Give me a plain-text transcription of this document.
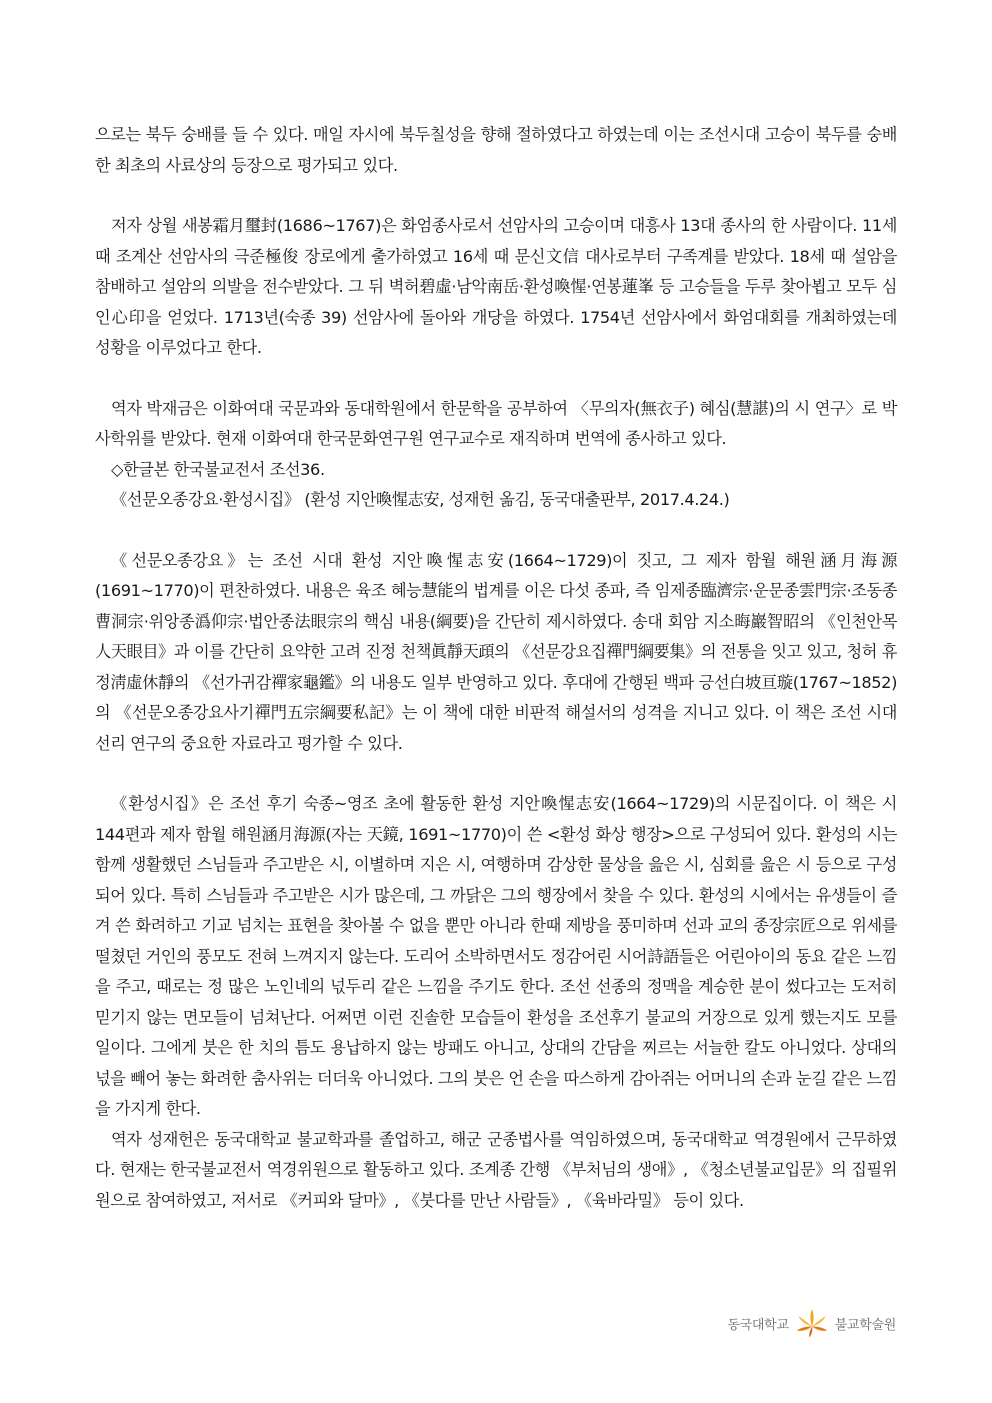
으로는 북두 숭배를 들 수 있다. 매일 자시에 북두칠성을 향해 절하였다고 하였는데 이는 조선시대 고승이 북두를 숭배한 최초의 사료상의 등장으로 평가되고 있다.

저자 상월 새봉霜月璽封(1686~1767)은 화엄종사로서 선암사의 고승이며 대흥사 13대 종사의 한 사람이다. 11세 때 조계산 선암사의 극준極俊 장로에게 출가하였고 16세 때 문신文信 대사로부터 구족계를 받았다. 18세 때 설암을 참배하고 설암의 의발을 전수받았다. 그 뒤 벽허碧虛·남악南岳·환성喚惺·연봉蓮峯 등 고승들을 두루 찾아뵙고 모두 심인心印을 얻었다. 1713년(숙종 39) 선암사에 돌아와 개당을 하였다. 1754년 선암사에서 화엄대회를 개최하였는데 성황을 이루었다고 한다.

역자 박재금은 이화여대 국문과와 동대학원에서 한문학을 공부하여 〈무의자(無衣子) 혜심(慧諶)의 시 연구〉로 박사학위를 받았다. 현재 이화여대 한국문화연구원 연구교수로 재직하며 번역에 종사하고 있다.

◇한글본 한국불교전서 조선36.

《선문오종강요·환성시집》 (환성 지안喚惺志安, 성재헌 옮김, 동국대출판부, 2017.4.24.)

《선문오종강요》는 조선 시대 환성 지안喚惺志安(1664~1729)이 짓고, 그 제자 함월 해원涵月海源(1691~1770)이 편찬하였다. 내용은 육조 혜능慧能의 법계를 이은 다섯 종파, 즉 임제종臨濟宗·운문종雲門宗·조동종曹洞宗·위앙종潙仰宗·법안종法眼宗의 핵심 내용(綱要)을 간단히 제시하였다. 송대 회암 지소晦巖智昭의 《인천안목人天眼目》과 이를 간단히 요약한 고려 진정 천책眞靜天頙의 《선문강요집禪門綱要集》의 전통을 잇고 있고, 청허 휴정淸虛休靜의 《선가귀감禪家龜鑑》의 내용도 일부 반영하고 있다. 후대에 간행된 백파 긍선白坡亘璇(1767~1852)의 《선문오종강요사기禪門五宗綱要私記》는 이 책에 대한 비판적 해설서의 성격을 지니고 있다. 이 책은 조선 시대 선리 연구의 중요한 자료라고 평가할 수 있다.

《환성시집》은 조선 후기 숙종~영조 초에 활동한 환성 지안喚惺志安(1664~1729)의 시문집이다. 이 책은 시 144편과 제자 함월 해원涵月海源(자는 天鏡, 1691~1770)이 쓴 <환성 화상 행장>으로 구성되어 있다. 환성의 시는 함께 생활했던 스님들과 주고받은 시, 이별하며 지은 시, 여행하며 감상한 물상을 읊은 시, 심회를 읊은 시 등으로 구성되어 있다. 특히 스님들과 주고받은 시가 많은데, 그 까닭은 그의 행장에서 찾을 수 있다. 환성의 시에서는 유생들이 즐겨 쓴 화려하고 기교 넘치는 표현을 찾아볼 수 없을 뿐만 아니라 한때 제방을 풍미하며 선과 교의 종장宗匠으로 위세를 떨쳤던 거인의 풍모도 전혀 느껴지지 않는다. 도리어 소박하면서도 정감어린 시어詩語들은 어린아이의 동요 같은 느낌을 주고, 때로는 정 많은 노인네의 넋두리 같은 느낌을 주기도 한다. 조선 선종의 정맥을 계승한 분이 썼다고는 도저히 믿기지 않는 면모들이 넘쳐난다. 어쩌면 이런 진솔한 모습들이 환성을 조선후기 불교의 거장으로 있게 했는지도 모를 일이다. 그에게 붓은 한 치의 틈도 용납하지 않는 방패도 아니고, 상대의 간담을 찌르는 서늘한 칼도 아니었다. 상대의 넋을 빼어 놓는 화려한 춤사위는 더더욱 아니었다. 그의 붓은 언 손을 따스하게 감아쥐는 어머니의 손과 눈길 같은 느낌을 가지게 한다.

역자 성재헌은 동국대학교 불교학과를 졸업하고, 해군 군종법사를 역임하였으며, 동국대학교 역경원에서 근무하였다. 현재는 한국불교전서 역경위원으로 활동하고 있다. 조계종 간행 《부처님의 생애》, 《청소년불교입문》의 집필위원으로 참여하였고, 저서로 《커피와 달마》, 《붓다를 만난 사람들》, 《육바라밀》 등이 있다.

동국대학교	불교학술원
